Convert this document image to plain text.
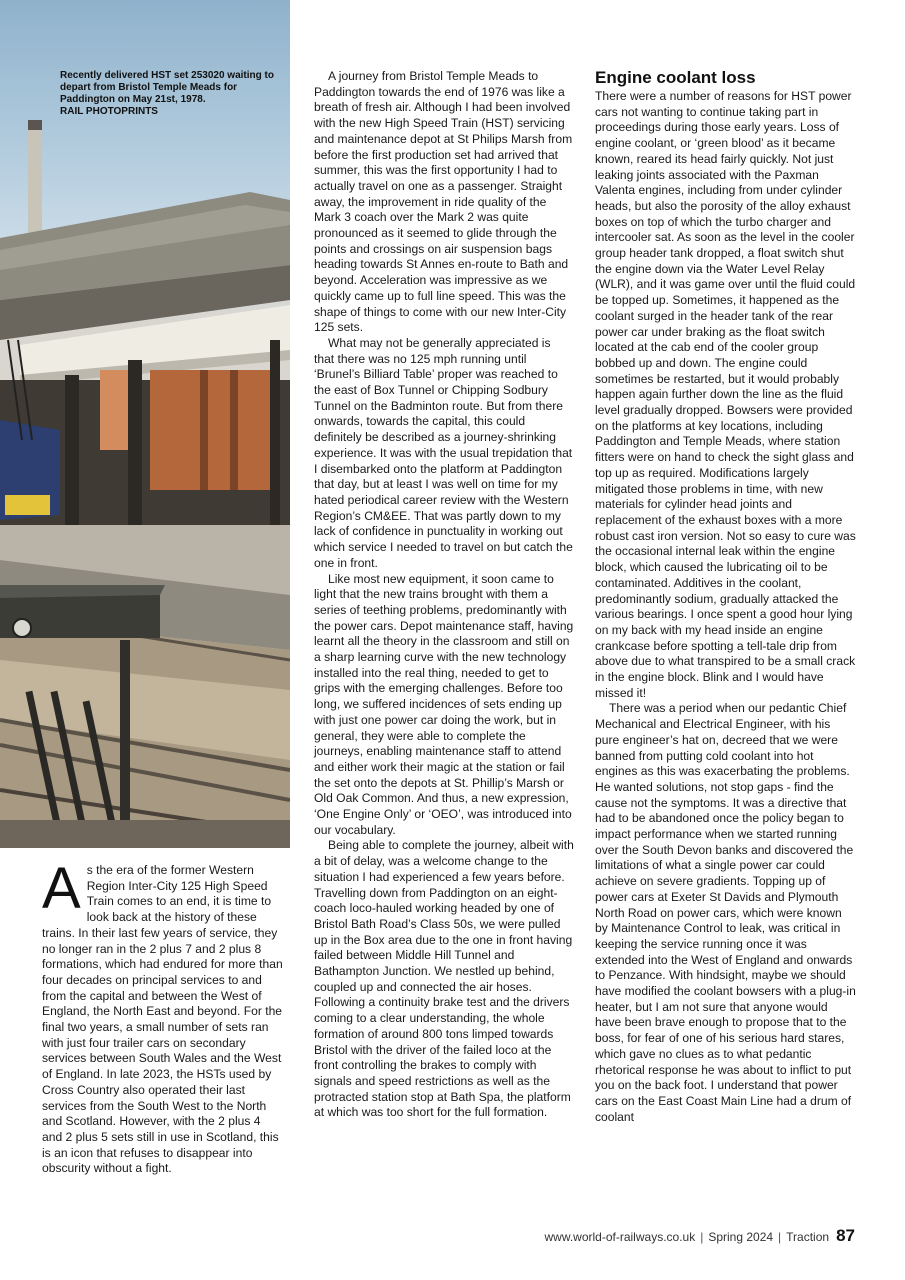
Recently delivered HST set 253020 waiting to depart from Bristol Temple Meads for Paddington on May 21st, 1978.
RAIL PHOTOPRINTS

As the era of the former Western Region Inter-City 125 High Speed Train comes to an end, it is time to look back at the history of these trains. In their last few years of service, they no longer ran in the 2 plus 7 and 2 plus 8 formations, which had endured for more than four decades on principal services to and from the capital and between the West of England, the North East and beyond. For the final two years, a small number of sets ran with just four trailer cars on secondary services between South Wales and the West of England. In late 2023, the HSTs used by Cross Country also operated their last services from the South West to the North and Scotland. However, with the 2 plus 4 and 2 plus 5 sets still in use in Scotland, this is an icon that refuses to disappear into obscurity without a fight.

A journey from Bristol Temple Meads to Paddington towards the end of 1976 was like a breath of fresh air. Although I had been involved with the new High Speed Train (HST) servicing and maintenance depot at St Philips Marsh from before the first production set had arrived that summer, this was the first opportunity I had to actually travel on one as a passenger. Straight away, the improvement in ride quality of the Mark 3 coach over the Mark 2 was quite pronounced as it seemed to glide through the points and crossings on air suspension bags heading towards St Annes en-route to Bath and beyond. Acceleration was impressive as we quickly came up to full line speed. This was the shape of things to come with our new Inter-City 125 sets.

What may not be generally appreciated is that there was no 125 mph running until ‘Brunel’s Billiard Table’ proper was reached to the east of Box Tunnel or Chipping Sodbury Tunnel on the Badminton route. But from there onwards, towards the capital, this could definitely be described as a journey-shrinking experience. It was with the usual trepidation that I disembarked onto the platform at Paddington that day, but at least I was well on time for my hated periodical career review with the Western Region’s CM&EE. That was partly down to my lack of confidence in punctuality in working out which service I needed to travel on but catch the one in front.

Like most new equipment, it soon came to light that the new trains brought with them a series of teething problems, predominantly with the power cars. Depot maintenance staff, having learnt all the theory in the classroom and still on a sharp learning curve with the new technology installed into the real thing, needed to get to grips with the emerging challenges. Before too long, we suffered incidences of sets ending up with just one power car doing the work, but in general, they were able to complete the journeys, enabling maintenance staff to attend and either work their magic at the station or fail the set onto the depots at St. Phillip’s Marsh or Old Oak Common. And thus, a new expression, ‘One Engine Only’ or ‘OEO’, was introduced into our vocabulary.

Being able to complete the journey, albeit with a bit of delay, was a welcome change to the situation I had experienced a few years before. Travelling down from Paddington on an eight-coach loco-hauled working headed by one of Bristol Bath Road’s Class 50s, we were pulled up in the Box area due to the one in front having failed between Middle Hill Tunnel and Bathampton Junction. We nestled up behind, coupled up and connected the air hoses. Following a continuity brake test and the drivers coming to a clear understanding, the whole formation of around 800 tons limped towards Bristol with the driver of the failed loco at the front controlling the brakes to comply with signals and speed restrictions as well as the protracted station stop at Bath Spa, the platform at which was too short for the full formation.

Engine coolant loss

There were a number of reasons for HST power cars not wanting to continue taking part in proceedings during those early years. Loss of engine coolant, or ‘green blood’ as it became known, reared its head fairly quickly. Not just leaking joints associated with the Paxman Valenta engines, including from under cylinder heads, but also the porosity of the alloy exhaust boxes on top of which the turbo charger and intercooler sat. As soon as the level in the cooler group header tank dropped, a float switch shut the engine down via the Water Level Relay (WLR), and it was game over until the fluid could be topped up. Sometimes, it happened as the coolant surged in the header tank of the rear power car under braking as the float switch located at the cab end of the cooler group bobbed up and down. The engine could sometimes be restarted, but it would probably happen again further down the line as the fluid level gradually dropped. Bowsers were provided on the platforms at key locations, including Paddington and Temple Meads, where station fitters were on hand to check the sight glass and top up as required. Modifications largely mitigated those problems in time, with new materials for cylinder head joints and replacement of the exhaust boxes with a more robust cast iron version. Not so easy to cure was the occasional internal leak within the engine block, which caused the lubricating oil to be contaminated. Additives in the coolant, predominantly sodium, gradually attacked the various bearings. I once spent a good hour lying on my back with my head inside an engine crankcase before spotting a tell-tale drip from above due to what transpired to be a small crack in the engine block. Blink and I would have missed it!

There was a period when our pedantic Chief Mechanical and Electrical Engineer, with his pure engineer’s hat on, decreed that we were banned from putting cold coolant into hot engines as this was exacerbating the problems. He wanted solutions, not stop gaps - find the cause not the symptoms. It was a directive that had to be abandoned once the policy began to impact performance when we started running over the South Devon banks and discovered the limitations of what a single power car could achieve on severe gradients. Topping up of power cars at Exeter St Davids and Plymouth North Road on power cars, which were known by Maintenance Control to leak, was critical in keeping the service running once it was extended into the West of England and onwards to Penzance. With hindsight, maybe we should have modified the coolant bowsers with a plug-in heater, but I am not sure that anyone would have been brave enough to propose that to the boss, for fear of one of his serious hard stares, which gave no clues as to what pedantic rhetorical response he was about to inflict to put you on the back foot. I understand that power cars on the East Coast Main Line had a drum of coolant

www.world-of-railways.co.uk | Spring 2024 | Traction 87
